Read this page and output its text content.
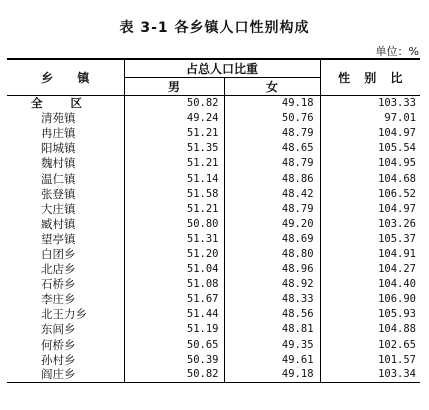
表 3-1 各乡镇人口性别构成
单位：%
乡 镇	占总人口比重		性 别 比
	男	女	
全 区	50.82	49.18	103.33
清苑镇	49.24	50.76	97.01
冉庄镇	51.21	48.79	104.97
阳城镇	51.35	48.65	105.54
魏村镇	51.21	48.79	104.95
温仁镇	51.14	48.86	104.68
张登镇	51.58	48.42	106.52
大庄镇	51.21	48.79	104.97
臧村镇	50.80	49.20	103.26
望亭镇	51.31	48.69	105.37
白团乡	51.20	48.80	104.91
北店乡	51.04	48.96	104.27
石桥乡	51.08	48.92	104.40
李庄乡	51.67	48.33	106.90
北王力乡	51.44	48.56	105.93
东闾乡	51.19	48.81	104.88
何桥乡	50.65	49.35	102.65
孙村乡	50.39	49.61	101.57
阎庄乡	50.82	49.18	103.34
